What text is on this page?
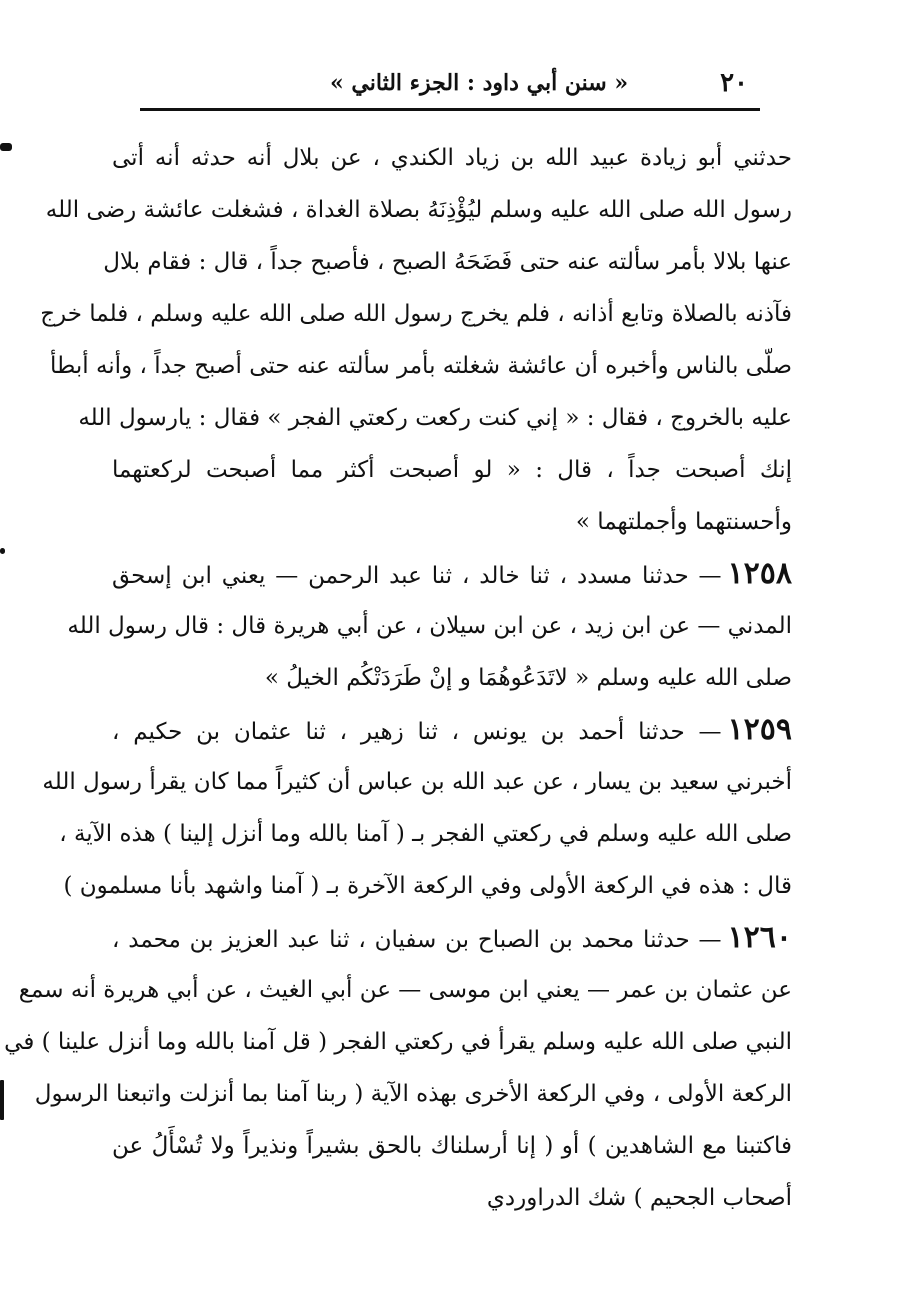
٢٠
« سنن أبي داود : الجزء الثاني »
حدثني أبو زيادة عبيد الله بن زياد الكندي ، عن بلال أنه حدثه أنه أتى
رسول الله صلى الله عليه وسلم ليُؤْذِنَهُ بصلاة الغداة ، فشغلت عائشة رضى الله
عنها بلالا بأمر سألته عنه حتى فَضَحَهُ الصبح ، فأصبح جداً ، قال : فقام بلال
فآذنه بالصلاة وتابع أذانه ، فلم يخرج رسول الله صلى الله عليه وسلم ، فلما خرج
صلّى بالناس وأخبره أن عائشة شغلته بأمر سألته عنه حتى أصبح جداً ، وأنه أبطأ
عليه بالخروج ، فقال : « إني كنت ركعت ركعتي الفجر » فقال : يارسول الله
إنك أصبحت جداً ، قال : « لو أصبحت أكثر مما أصبحت لركعتهما
وأحسنتهما وأجملتهما »
١٢٥٨— حدثنا مسدد ، ثنا خالد ، ثنا عبد الرحمن — يعني ابن إسحق
المدني — عن ابن زيد ، عن ابن سيلان ، عن أبي هريرة قال : قال رسول الله
صلى الله عليه وسلم « لاتَدَعُوهُمَا و إنْ طَرَدَتْكُم الخيلُ »
١٢٥٩— حدثنا أحمد بن يونس ، ثنا زهير ، ثنا عثمان بن حكيم ،
أخبرني سعيد بن يسار ، عن عبد الله بن عباس أن كثيراً مما كان يقرأ رسول الله
صلى الله عليه وسلم في ركعتي الفجر بـ ( آمنا بالله وما أنزل إلينا ) هذه الآية ،
قال : هذه في الركعة الأولى وفي الركعة الآخرة بـ ( آمنا واشهد بأنا مسلمون )
١٢٦٠— حدثنا محمد بن الصباح بن سفيان ، ثنا عبد العزيز بن محمد ،
عن عثمان بن عمر — يعني ابن موسى — عن أبي الغيث ، عن أبي هريرة أنه سمع
النبي صلى الله عليه وسلم يقرأ في ركعتي الفجر ( قل آمنا بالله وما أنزل علينا ) في
الركعة الأولى ، وفي الركعة الأخرى بهذه الآية ( ربنا آمنا بما أنزلت واتبعنا الرسول
فاكتبنا مع الشاهدين ) أو ( إنا أرسلناك بالحق بشيراً ونذيراً ولا تُسْأَلُ عن
أصحاب الجحيم ) شك الدراوردي
